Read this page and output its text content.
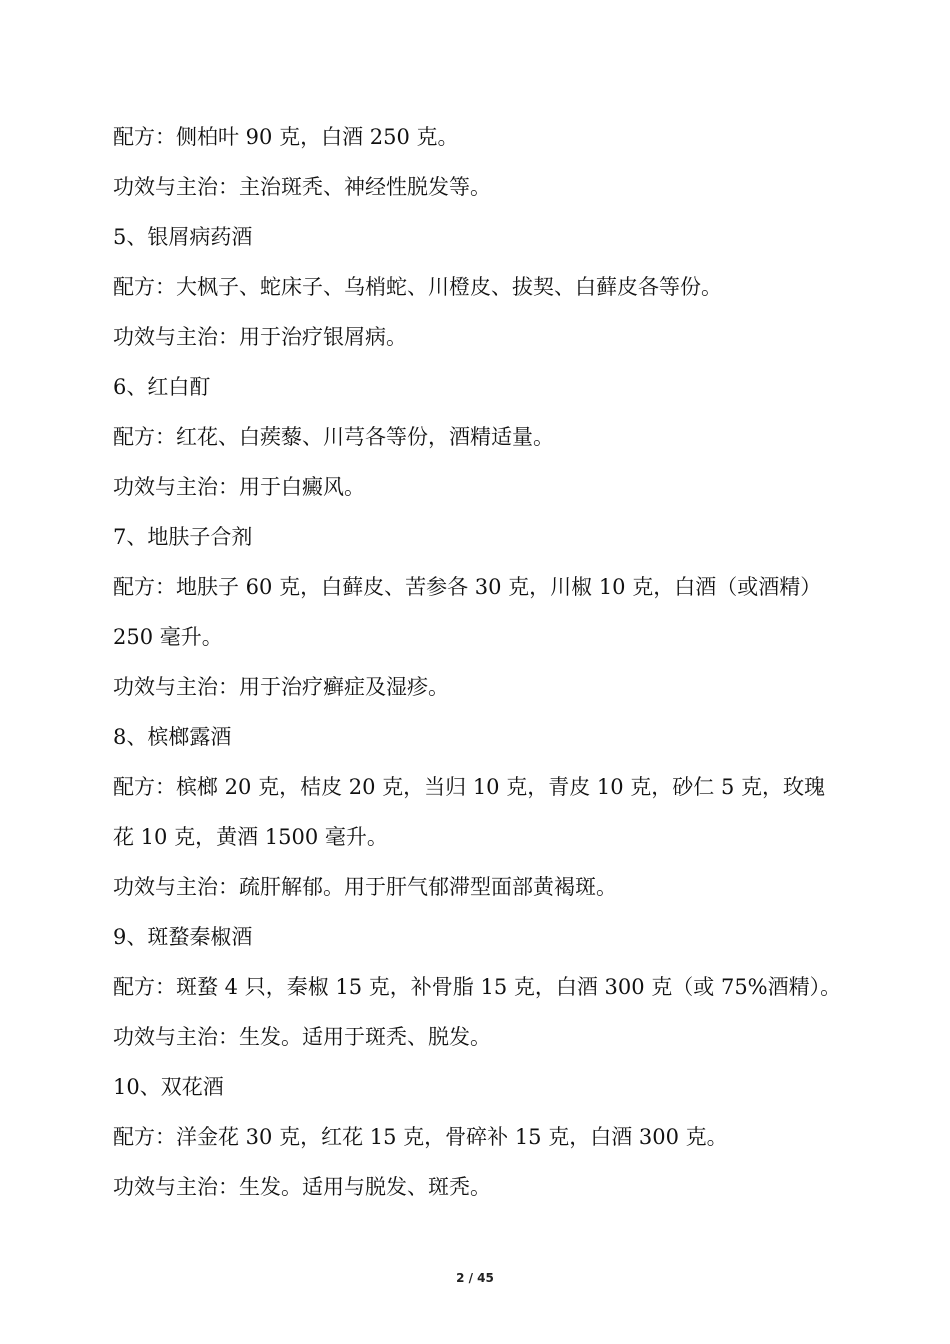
配方：侧柏叶 90 克，白酒 250 克。

功效与主治：主治斑秃、神经性脱发等。

5、银屑病药酒

配方：大枫子、蛇床子、乌梢蛇、川橙皮、拔契、白藓皮各等份。

功效与主治：用于治疗银屑病。

6、红白酊

配方：红花、白蒺藜、川芎各等份，酒精适量。

功效与主治：用于白癜风。

7、地肤子合剂

配方：地肤子 60 克，白藓皮、苦参各 30 克，川椒 10 克，白酒（或酒精）

250 毫升。

功效与主治：用于治疗癣症及湿疹。

8、槟榔露酒

配方：槟榔 20 克，桔皮 20 克，当归 10 克，青皮 10 克，砂仁 5 克，玫瑰

花 10 克，黄酒 1500 毫升。

功效与主治：疏肝解郁。用于肝气郁滞型面部黄褐斑。

9、斑蝥秦椒酒

配方：斑蝥 4 只，秦椒 15 克，补骨脂 15 克，白酒 300 克（或 75%酒精）。

功效与主治：生发。适用于斑秃、脱发。

10、双花酒

配方：洋金花 30 克，红花 15 克，骨碎补 15 克，白酒 300 克。

功效与主治：生发。适用与脱发、斑秃。

2 / 45
